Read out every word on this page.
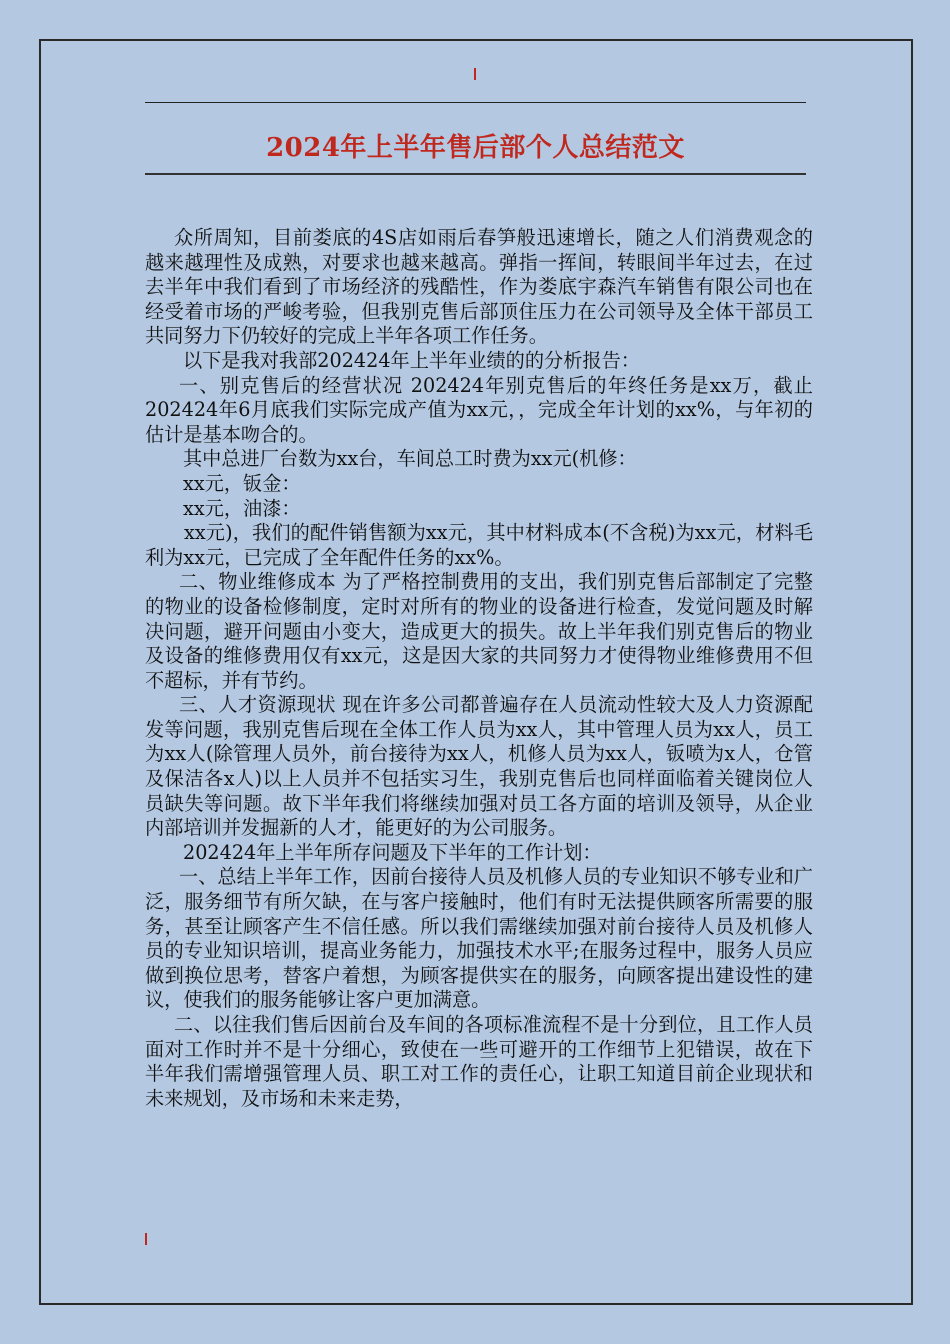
2024年上半年售后部个人总结范文

众所周知，目前娄底的4S店如雨后春笋般迅速增长，随之人们消费观念的越来越理性及成熟，对要求也越来越高。弹指一挥间，转眼间半年过去，在过去半年中我们看到了市场经济的残酷性，作为娄底宇森汽车销售有限公司也在经受着市场的严峻考验，但我别克售后部顶住压力在公司领导及全体干部员工共同努力下仍较好的完成上半年各项工作任务。

以下是我对我部202424年上半年业绩的的分析报告：

一、别克售后的经营状况 202424年别克售后的年终任务是xx万，截止202424年6月底我们实际完成产值为xx元，，完成全年计划的xx%，与年初的估计是基本吻合的。

其中总进厂台数为xx台，车间总工时费为xx元(机修：

xx元，钣金：

xx元，油漆：

xx元)，我们的配件销售额为xx元，其中材料成本(不含税)为xx元，材料毛利为xx元，已完成了全年配件任务的xx%。

二、物业维修成本 为了严格控制费用的支出，我们别克售后部制定了完整的物业的设备检修制度，定时对所有的物业的设备进行检查，发觉问题及时解决问题，避开问题由小变大，造成更大的损失。故上半年我们别克售后的物业及设备的维修费用仅有xx元，这是因大家的共同努力才使得物业维修费用不但不超标，并有节约。

三、人才资源现状 现在许多公司都普遍存在人员流动性较大及人力资源配发等问题，我别克售后现在全体工作人员为xx人，其中管理人员为xx人，员工为xx人(除管理人员外，前台接待为xx人，机修人员为xx人，钣喷为x人，仓管及保洁各x人)以上人员并不包括实习生，我别克售后也同样面临着关键岗位人员缺失等问题。故下半年我们将继续加强对员工各方面的培训及领导，从企业内部培训并发掘新的人才，能更好的为公司服务。

202424年上半年所存问题及下半年的工作计划：

一、总结上半年工作，因前台接待人员及机修人员的专业知识不够专业和广泛，服务细节有所欠缺，在与客户接触时，他们有时无法提供顾客所需要的服务，甚至让顾客产生不信任感。所以我们需继续加强对前台接待人员及机修人员的专业知识培训，提高业务能力，加强技术水平;在服务过程中，服务人员应做到换位思考，替客户着想，为顾客提供实在的服务，向顾客提出建设性的建议，使我们的服务能够让客户更加满意。

二、以往我们售后因前台及车间的各项标准流程不是十分到位，且工作人员面对工作时并不是十分细心，致使在一些可避开的工作细节上犯错误，故在下半年我们需增强管理人员、职工对工作的责任心，让职工知道目前企业现状和未来规划，及市场和未来走势，
